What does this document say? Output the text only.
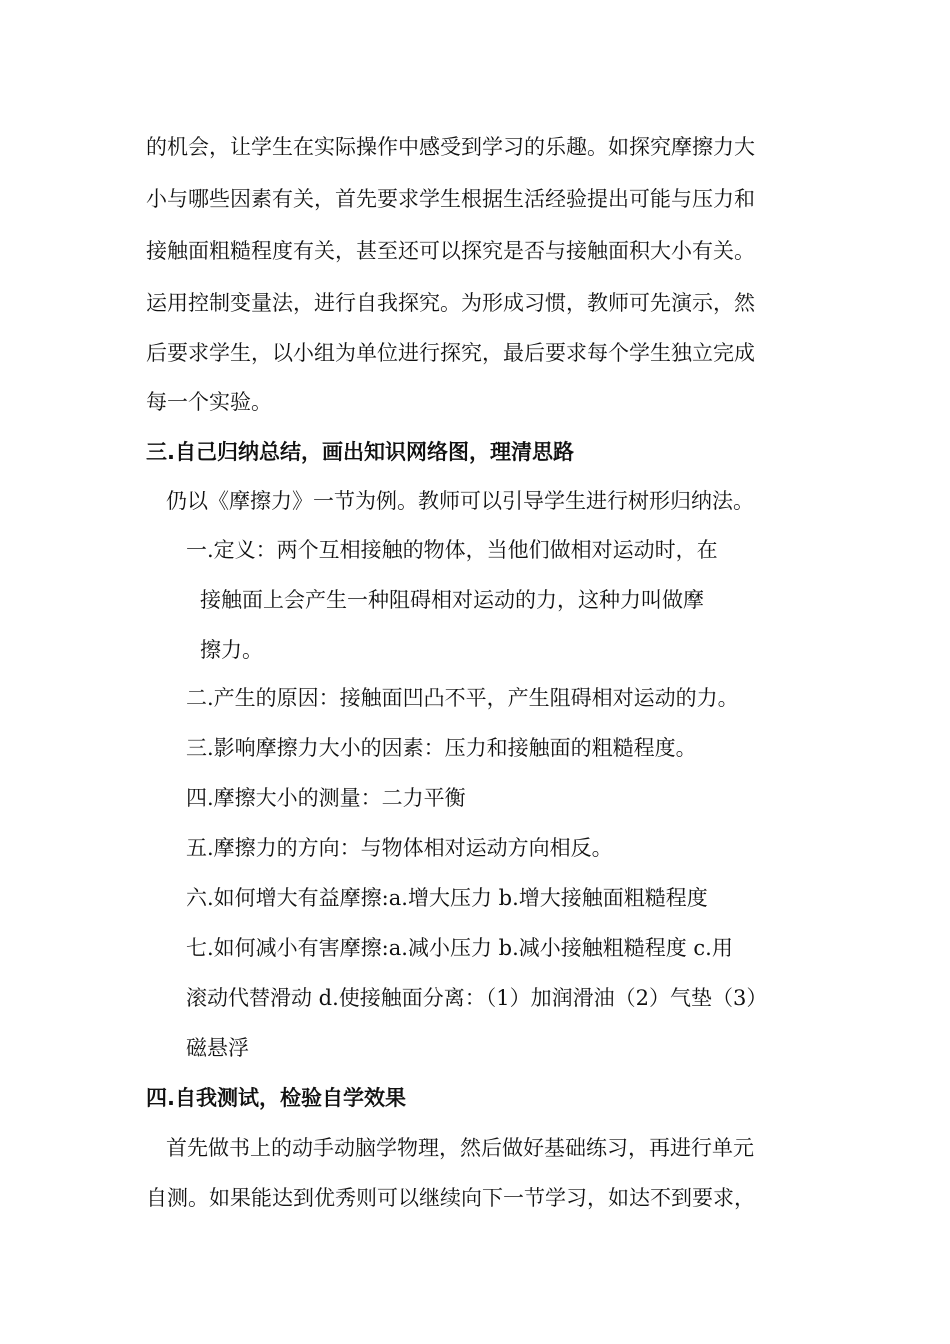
的机会，让学生在实际操作中感受到学习的乐趣。如探究摩擦力大
小与哪些因素有关，首先要求学生根据生活经验提出可能与压力和
接触面粗糙程度有关，甚至还可以探究是否与接触面积大小有关。
运用控制变量法，进行自我探究。为形成习惯，教师可先演示，然
后要求学生，以小组为单位进行探究，最后要求每个学生独立完成
每一个实验。
三.自己归纳总结，画出知识网络图，理清思路
仍以《摩擦力》一节为例。教师可以引导学生进行树形归纳法。
一.定义：两个互相接触的物体，当他们做相对运动时，在
接触面上会产生一种阻碍相对运动的力，这种力叫做摩
擦力。
二.产生的原因：接触面凹凸不平，产生阻碍相对运动的力。
三.影响摩擦力大小的因素：压力和接触面的粗糙程度。
四.摩擦大小的测量：二力平衡
五.摩擦力的方向：与物体相对运动方向相反。
六.如何增大有益摩擦:a.增大压力 b.增大接触面粗糙程度
七.如何减小有害摩擦:a.减小压力 b.减小接触粗糙程度 c.用
滚动代替滑动 d.使接触面分离：（1）加润滑油（2）气垫（3）
磁悬浮
四.自我测试，检验自学效果
首先做书上的动手动脑学物理，然后做好基础练习，再进行单元
自测。如果能达到优秀则可以继续向下一节学习，如达不到要求，
